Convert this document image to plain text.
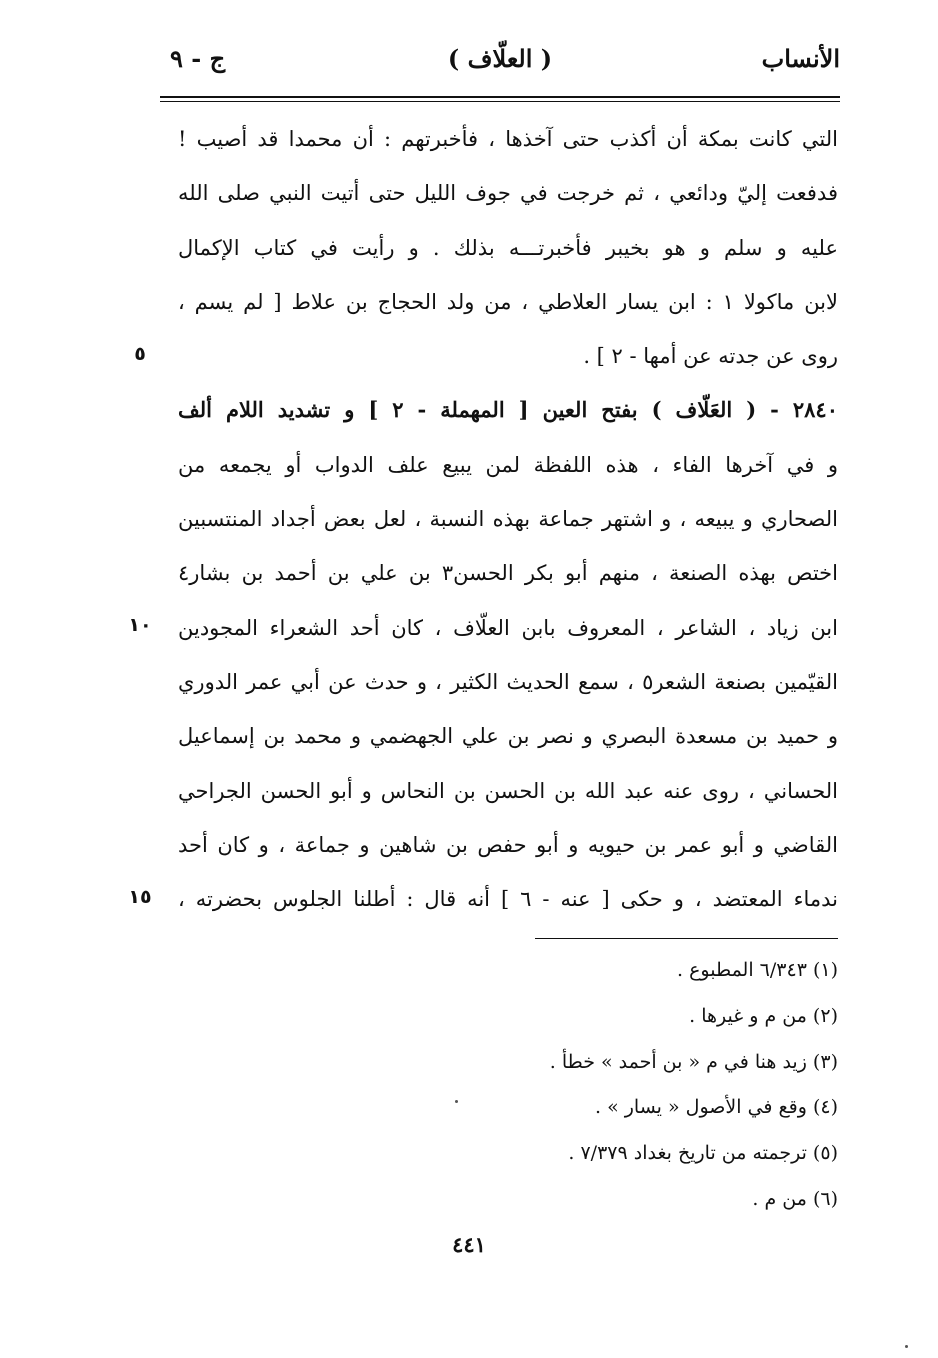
الأنساب
( العلّاف )
ج - ٩
التي كانت بمكة أن أكذب حتى آخذها ، فأخبرتهم : أن محمدا قد أصيب !
فدفعت إليّ ودائعي ، ثم خرجت في جوف الليل حتى أتيت النبي صلى الله
عليه و سلم و هو بخيبر فأخبرتـــه بذلك . و رأيت في كتاب الإكمال
لابن ماكولا ١ : ابن يسار العلاطي ، من ولد الحجاج بن علاط [ لم يسم ،
روى عن جدته عن أمها - ٢ ] .
٢٨٤٠ - ( العَلّاف ) بفتح العين [ المهملة - ٢ ] و تشديد اللام ألف
و في آخرها الفاء ، هذه اللفظة لمن يبيع علف الدواب أو يجمعه من
الصحاري و يبيعه ، و اشتهر جماعة بهذه النسبة ، لعل بعض أجداد المنتسبين
اختص بهذه الصنعة ، منهم أبو بكر الحسن٣ بن علي بن أحمد بن بشار٤
ابن زياد ، الشاعر ، المعروف بابن العلّاف ، كان أحد الشعراء المجودين
القيّمين بصنعة الشعر٥ ، سمع الحديث الكثير ، و حدث عن أبي عمر الدوري
و حميد بن مسعدة البصري و نصر بن علي الجهضمي و محمد بن إسماعيل
الحساني ، روى عنه عبد الله بن الحسن بن النحاس و أبو الحسن الجراحي
القاضي و أبو عمر بن حيويه و أبو حفص بن شاهين و جماعة ، و كان أحد
ندماء المعتضد ، و حكى [ عنه - ٦ ] أنه قال : أطلنا الجلوس بحضرته ،
٥
١٠
١٥
(١) ٦/٣٤٣ المطبوع .
(٢) من م و غيرها .
(٣) زيد هنا في م « بن أحمد » خطأ .
(٤) وقع في الأصول « يسار » .
(٥) ترجمته من تاريخ بغداد ٧/٣٧٩ .
(٦) من م .
٤٤١
